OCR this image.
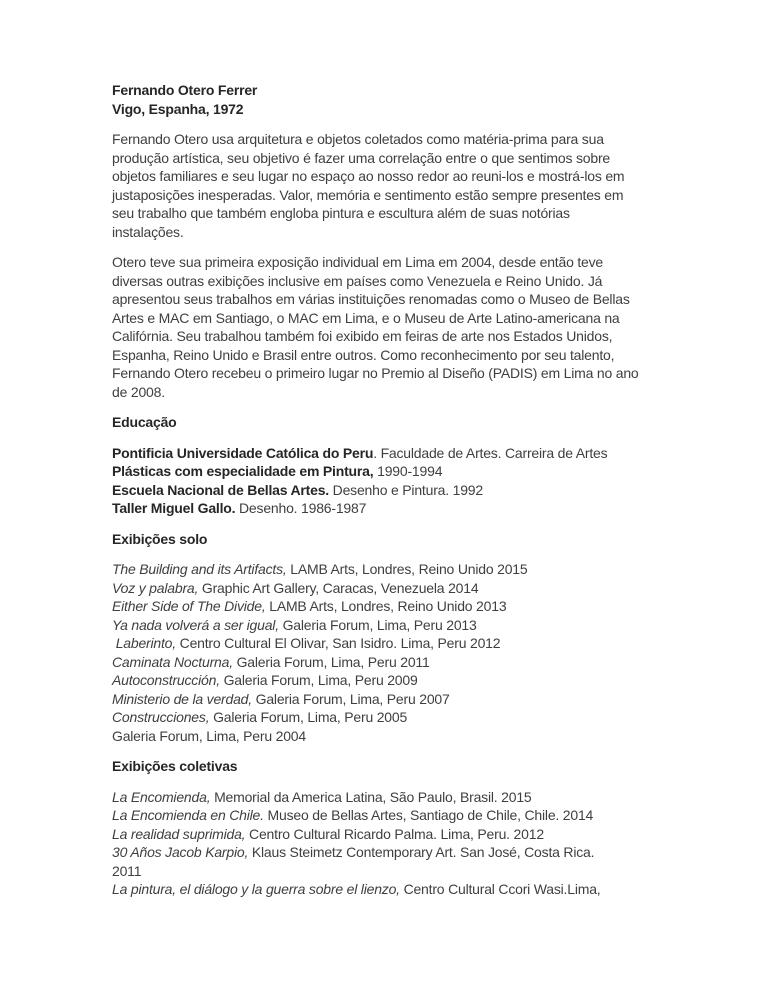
Fernando Otero Ferrer
Vigo, Espanha, 1972
Fernando Otero usa arquitetura e objetos coletados como matéria-prima para sua
produção artística, seu objetivo é fazer uma correlação entre o que sentimos sobre
objetos familiares e seu lugar no espaço ao nosso redor ao reuni-los e mostrá-los em
justaposições inesperadas. Valor, memória e sentimento estão sempre presentes em
seu trabalho que também engloba pintura e escultura além de suas notórias
instalações.
Otero teve sua primeira exposição individual em Lima em 2004, desde então teve
diversas outras exibições inclusive em países como Venezuela e Reino Unido. Já
apresentou seus trabalhos em várias instituições renomadas como o Museo de Bellas
Artes e MAC em Santiago, o MAC em Lima, e o Museu de Arte Latino-americana na
Califórnia. Seu trabalhou também foi exibido em feiras de arte nos Estados Unidos,
Espanha, Reino Unido e Brasil entre outros. Como reconhecimento por seu talento,
Fernando Otero recebeu o primeiro lugar no Premio al Diseño (PADIS) em Lima no ano
de 2008.
Educação
Pontificia Universidade Católica do Peru. Faculdade de Artes. Carreira de Artes
Plásticas com especialidade em Pintura, 1990-1994
Escuela Nacional de Bellas Artes. Desenho e Pintura. 1992
Taller Miguel Gallo. Desenho. 1986-1987
Exibições solo
The Building and its Artifacts, LAMB Arts, Londres, Reino Unido 2015
Voz y palabra, Graphic Art Gallery, Caracas, Venezuela 2014
Either Side of The Divide, LAMB Arts, Londres, Reino Unido 2013
Ya nada volverá a ser igual, Galeria Forum, Lima, Peru 2013
Laberinto, Centro Cultural El Olivar, San Isidro. Lima, Peru 2012
Caminata Nocturna, Galeria Forum, Lima, Peru 2011
Autoconstrucción, Galeria Forum, Lima, Peru 2009
Ministerio de la verdad, Galeria Forum, Lima, Peru 2007
Construcciones, Galeria Forum, Lima, Peru 2005
Galeria Forum, Lima, Peru 2004
Exibições coletivas
La Encomienda, Memorial da America Latina, São Paulo, Brasil. 2015
La Encomienda en Chile. Museo de Bellas Artes, Santiago de Chile, Chile. 2014
La realidad suprimida, Centro Cultural Ricardo Palma. Lima, Peru. 2012
30 Años Jacob Karpio, Klaus Steimetz Contemporary Art. San José, Costa Rica.
2011
La pintura, el diálogo y la guerra sobre el lienzo, Centro Cultural Ccori Wasi.Lima,
